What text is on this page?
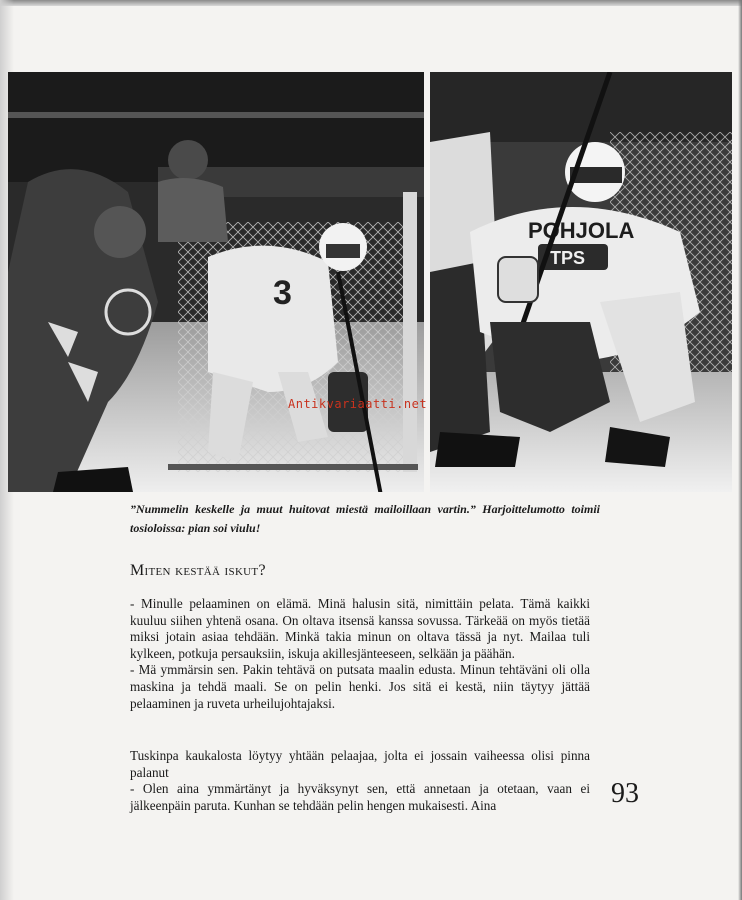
3
POHJOLA
TPS
Antikvariaatti.net
”Nummelin keskelle ja muut huitovat miestä mailoillaan vartin.” Harjoittelumotto toimii tosioloissa: pian soi viulu!
Miten kestää iskut?

- Minulle pelaaminen on elämä. Minä halusin sitä, nimittäin pelata. Tämä kaikki kuuluu siihen yhtenä osana. On oltava itsensä kanssa sovussa. Tärkeää on myös tietää miksi jotain asiaa tehdään. Minkä takia minun on oltava tässä ja nyt. Mailaa tuli kylkeen, potkuja persauksiin, iskuja akillesjänteeseen, selkään ja päähän.

- Mä ymmärsin sen. Pakin tehtävä on putsata maalin edusta. Minun tehtäväni oli olla maskina ja tehdä maali. Se on pelin henki. Jos sitä ei kestä, niin täytyy jättää pelaaminen ja ruveta urheilujohtajaksi.

Tuskinpa kaukalosta löytyy yhtään pelaajaa, jolta ei jossain vaiheessa olisi pinna palanut

- Olen aina ymmärtänyt ja hyväksynyt sen, että annetaan ja otetaan, vaan ei jälkeenpäin paruta. Kunhan se tehdään pelin hengen mukaisesti. Aina	93
